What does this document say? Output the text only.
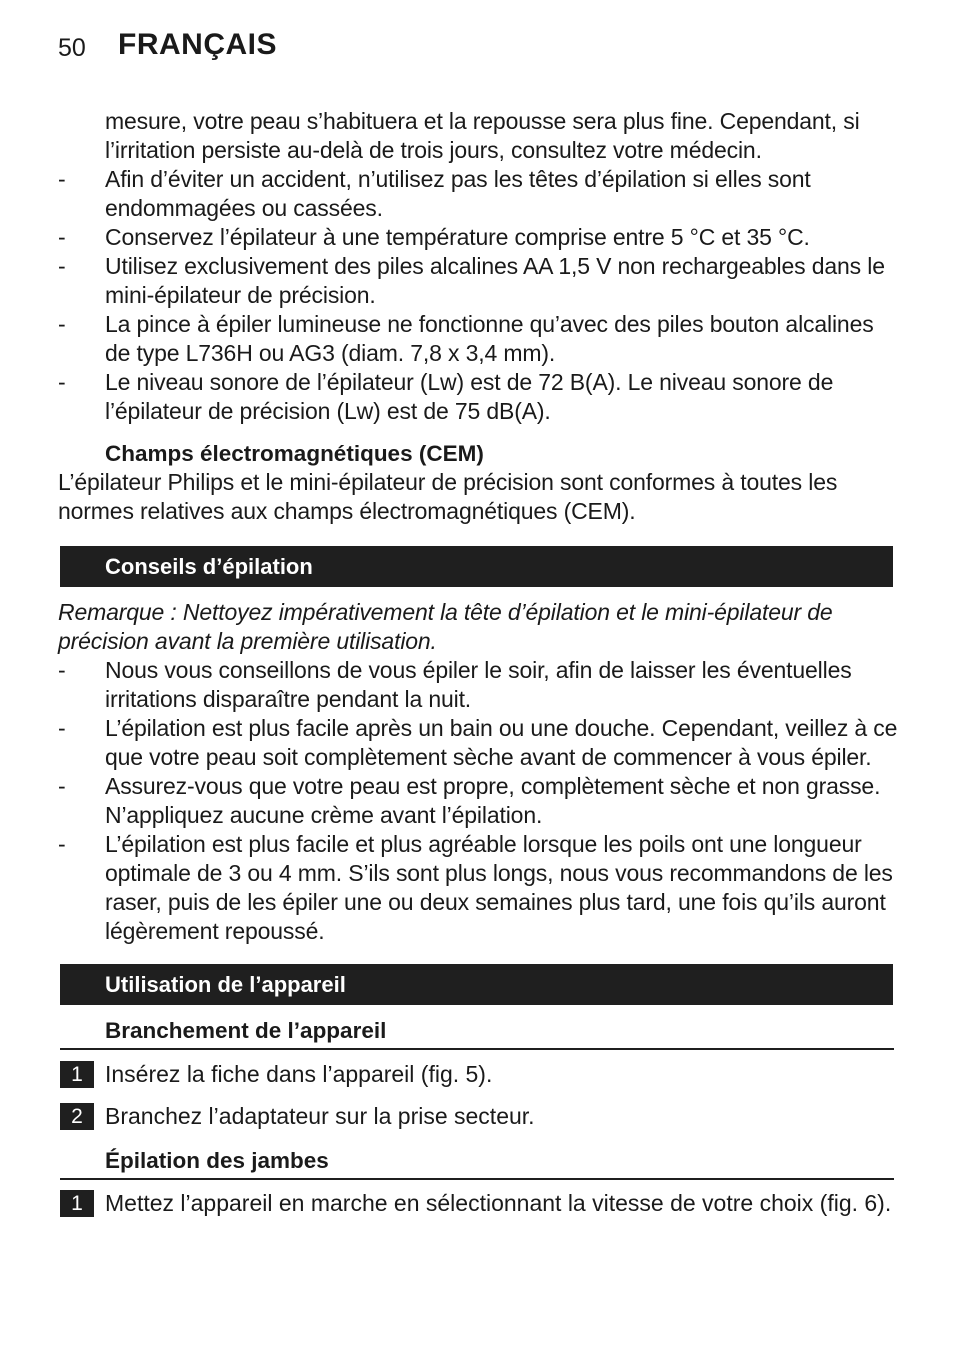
50 FRANÇAIS
mesure, votre peau s’habituera et la repousse sera plus fine. Cependant, si
l’irritation persiste au-delà de trois jours, consultez votre médecin.
- Afin d’éviter un accident, n’utilisez pas les têtes d’épilation si elles sont
endommagées ou cassées.
- Conservez l’épilateur à une température comprise entre 5 °C et 35 °C.
- Utilisez exclusivement des piles alcalines AA 1,5 V non rechargeables dans le
mini-épilateur de précision.
- La pince à épiler lumineuse ne fonctionne qu’avec des piles bouton alcalines
de type L736H ou AG3 (diam. 7,8 x 3,4 mm).
- Le niveau sonore de l’épilateur (Lw) est de 72 B(A). Le niveau sonore de
l’épilateur de précision (Lw) est de 75 dB(A).
Champs électromagnétiques (CEM)
L’épilateur Philips et le mini-épilateur de précision sont conformes à toutes les
normes relatives aux champs électromagnétiques (CEM).
Conseils d’épilation
Remarque : Nettoyez impérativement la tête d’épilation et le mini-épilateur de
précision avant la première utilisation.
- Nous vous conseillons de vous épiler le soir, afin de laisser les éventuelles
irritations disparaître pendant la nuit.
- L’épilation est plus facile après un bain ou une douche. Cependant, veillez à ce
que votre peau soit complètement sèche avant de commencer à vous épiler.
- Assurez-vous que votre peau est propre, complètement sèche et non grasse.
N’appliquez aucune crème avant l’épilation.
- L’épilation est plus facile et plus agréable lorsque les poils ont une longueur
optimale de 3 ou 4 mm. S’ils sont plus longs, nous vous recommandons de les
raser, puis de les épiler une ou deux semaines plus tard, une fois qu’ils auront
légèrement repoussé.
Utilisation de l’appareil
Branchement de l’appareil
1 Insérez la fiche dans l’appareil (fig. 5).
2 Branchez l’adaptateur sur la prise secteur.
Épilation des jambes
1 Mettez l’appareil en marche en sélectionnant la vitesse de votre choix (fig. 6).
